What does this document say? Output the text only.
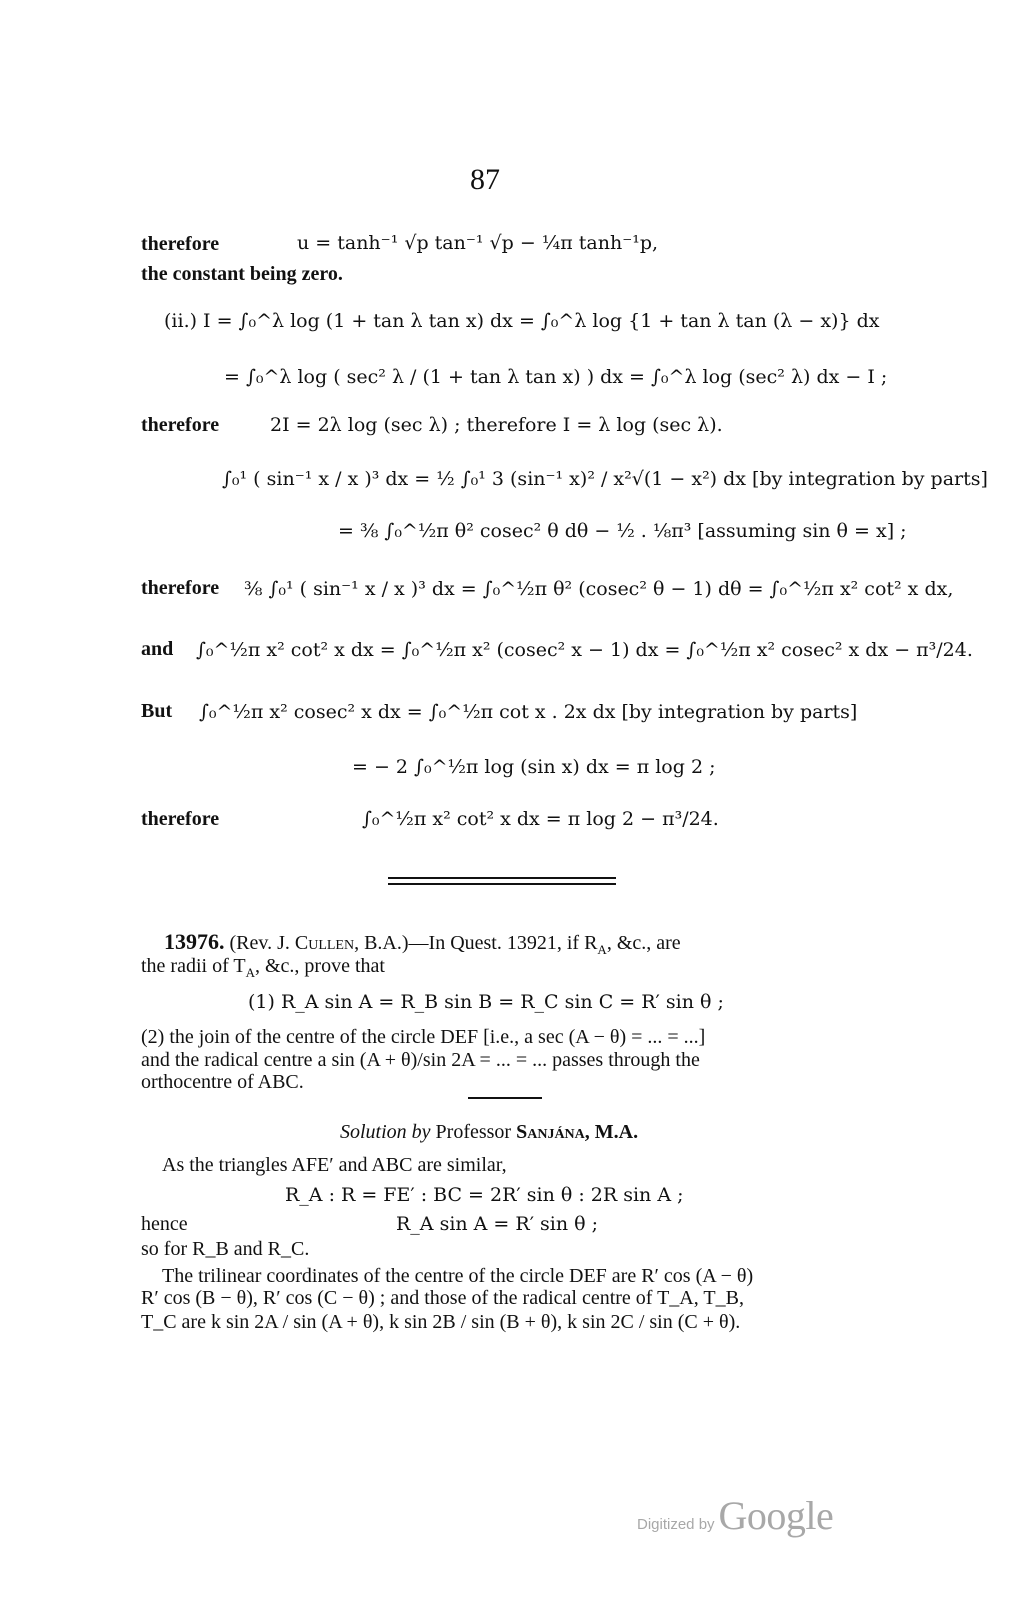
87
therefore	u = tanh⁻¹ √p tan⁻¹ √p − ¼π tanh⁻¹p,
the constant being zero.
(ii.) I = ∫₀^λ log (1 + tan λ tan x) dx = ∫₀^λ log {1 + tan λ tan (λ − x)} dx
= ∫₀^λ log ( sec² λ / (1 + tan λ tan x) ) dx = ∫₀^λ log (sec² λ) dx − I ;
therefore	2I = 2λ log (sec λ) ; therefore I = λ log (sec λ).
∫₀¹ ( sin⁻¹ x / x )³ dx = ½ ∫₀¹ 3 (sin⁻¹ x)² / x²√(1 − x²) dx [by integration by parts]
= ⅜ ∫₀^½π θ² cosec² θ dθ − ½ . ⅛π³ [assuming sin θ = x] ;
therefore ⅜ ∫₀¹ ( sin⁻¹ x / x )³ dx = ∫₀^½π θ² (cosec² θ − 1) dθ = ∫₀^½π x² cot² x dx,
and ∫₀^½π x² cot² x dx = ∫₀^½π x² (cosec² x − 1) dx = ∫₀^½π x² cosec² x dx − π³/24.
But ∫₀^½π x² cosec² x dx = ∫₀^½π cot x . 2x dx [by integration by parts]
= − 2 ∫₀^½π log (sin x) dx = π log 2 ;
therefore	∫₀^½π x² cot² x dx = π log 2 − π³/24.
13976. (Rev. J. Cullen, B.A.)—In Quest. 13921, if $R_A$, &c., are
the radii of $T_A$, &c., prove that
(1) R_A sin A = R_B sin B = R_C sin C = R′ sin θ ;
(2) the join of the centre of the circle DEF [i.e., a sec (A − θ) = ... = ...]
and the radical centre a sin (A + θ)/sin 2A = ... = ... passes through the
orthocentre of ABC.
Solution by Professor Sanjána, M.A.
As the triangles AFE′ and ABC are similar,
R_A : R = FE′ : BC = 2R′ sin θ : 2R sin A ;
hence	R_A sin A = R′ sin θ ;
so for R_B and R_C.
The trilinear coordinates of the centre of the circle DEF are R′ cos (A − θ)
R′ cos (B − θ), R′ cos (C − θ) ; and those of the radical centre of T_A, T_B,
T_C are k sin 2A / sin (A + θ), k sin 2B / sin (B + θ), k sin 2C / sin (C + θ).
Digitized by Google
